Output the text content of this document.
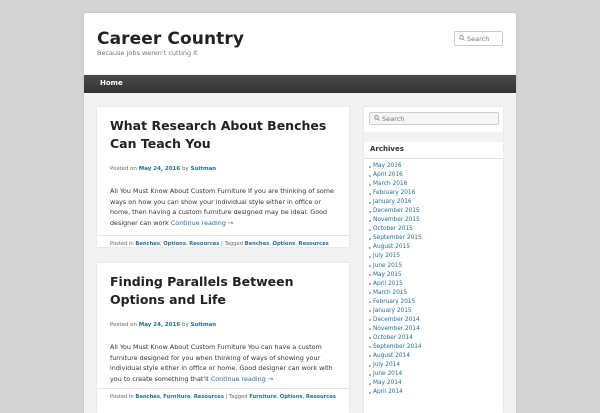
Career Country
Because jobs weren't cutting it
Search
Home
What Research About Benches Can Teach You
Posted on May 24, 2016 by Suitman
All You Must Know About Custom Furniture If you are thinking of some ways on how you can show your individual style either in office or home, then having a custom furniture designed may be ideal. Good designer can work Continue reading →
Posted in Benches, Options, Resources | Tagged Benches, Options, Resources
Finding Parallels Between Options and Life
Posted on May 24, 2016 by Suitman
All You Must Know About Custom Furniture You can have a custom furniture designed for you when thinking of ways of showing your individual style either in office or home. Good designer can work with you to create something that'll Continue reading →
Posted in Benches, Furniture, Resources | Tagged Furniture, Options, Resources
Search
Archives
May 2016
April 2016
March 2016
February 2016
January 2016
December 2015
November 2015
October 2015
September 2015
August 2015
July 2015
June 2015
May 2015
April 2015
March 2015
February 2015
January 2015
December 2014
November 2014
October 2014
September 2014
August 2014
July 2014
June 2014
May 2014
April 2014
